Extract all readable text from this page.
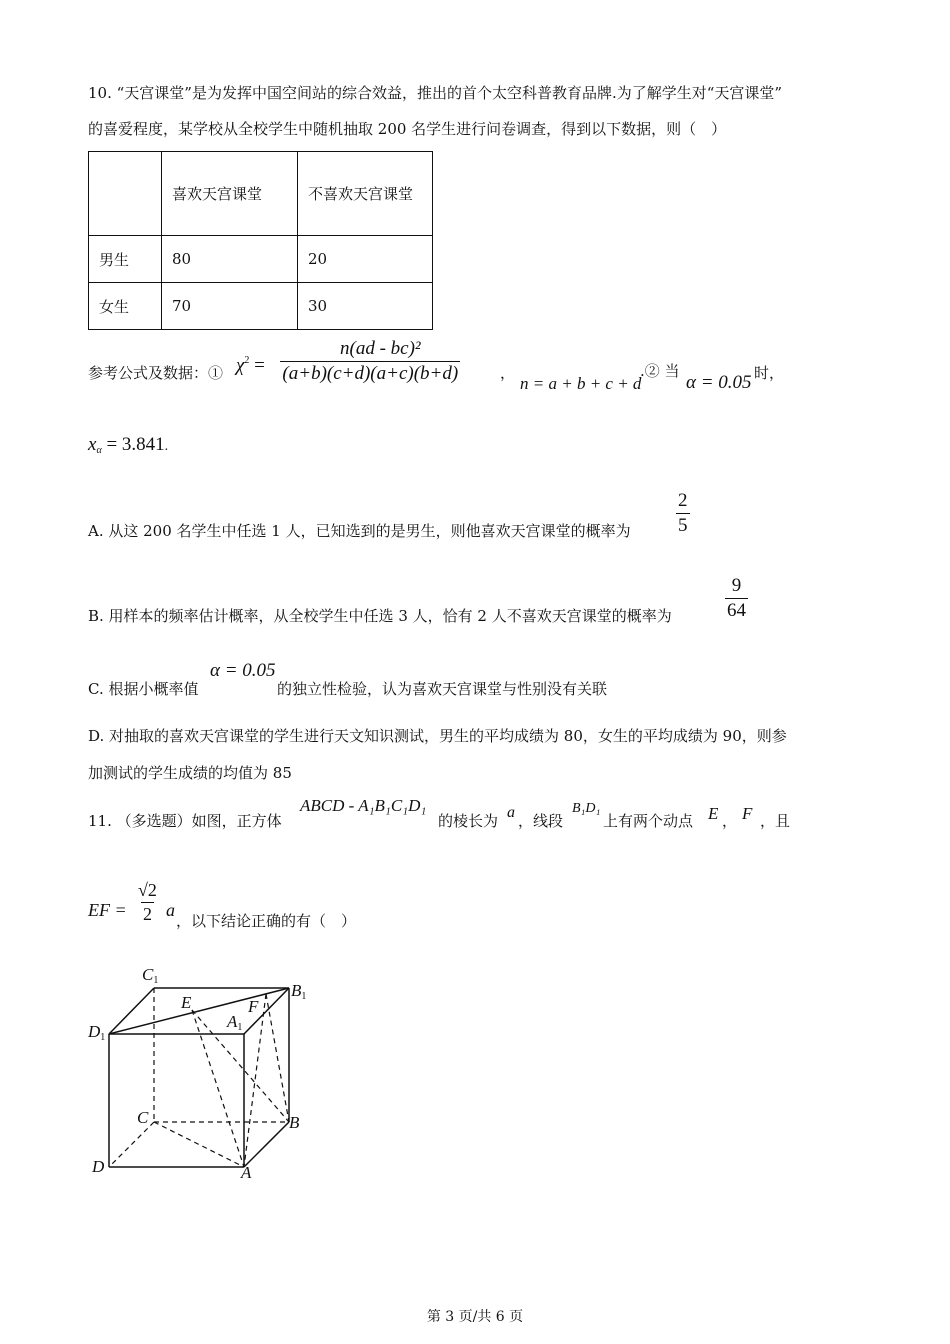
10. “天宫课堂”是为发挥中国空间站的综合效益，推出的首个太空科普教育品牌.为了解学生对“天宫课堂”
的喜爱程度，某学校从全校学生中随机抽取 200 名学生进行问卷调查，得到以下数据，则（　）
	喜欢天宫课堂	不喜欢天宫课堂
男生	80	20
女生	70	30
参考公式及数据：① $\chi^2 = \frac{\text{n(ad - bc)²}}{(a+b)(c+d)(a+c)(b+d)}$	，
n = a + b + c + d
.② 当
α = 0.05 时，
$x_\alpha = 3.841$.
A. 从这 200 名学生中任选 1 人，已知选到的是男生，则他喜欢天宫课堂的概率为 $\frac{2}{5}$
B. 用样本的频率估计概率，从全校学生中任选 3 人，恰有 2 人不喜欢天宫课堂的概率为	$\frac{9}{64}$
C. 根据小概率值
α = 0.05
的独立性检验，认为喜欢天宫课堂与性别没有关联
D. 对抽取的喜欢天宫课堂的学生进行天文知识测试，男生的平均成绩为 80，女生的平均成绩为 90，则参
加测试的学生成绩的均值为 85
11. （多选题）如图，正方体
ABCD - A₁B₁C₁D₁
的棱长为 a ，线段
B₁D₁
上有两个动点 E ， F ，且
EF = $\frac{√2}{2}$ a
，以下结论正确的有（　）
C1
B1
D1
A1
E	F
C	B
D	A
第 3 页/共 6 页
